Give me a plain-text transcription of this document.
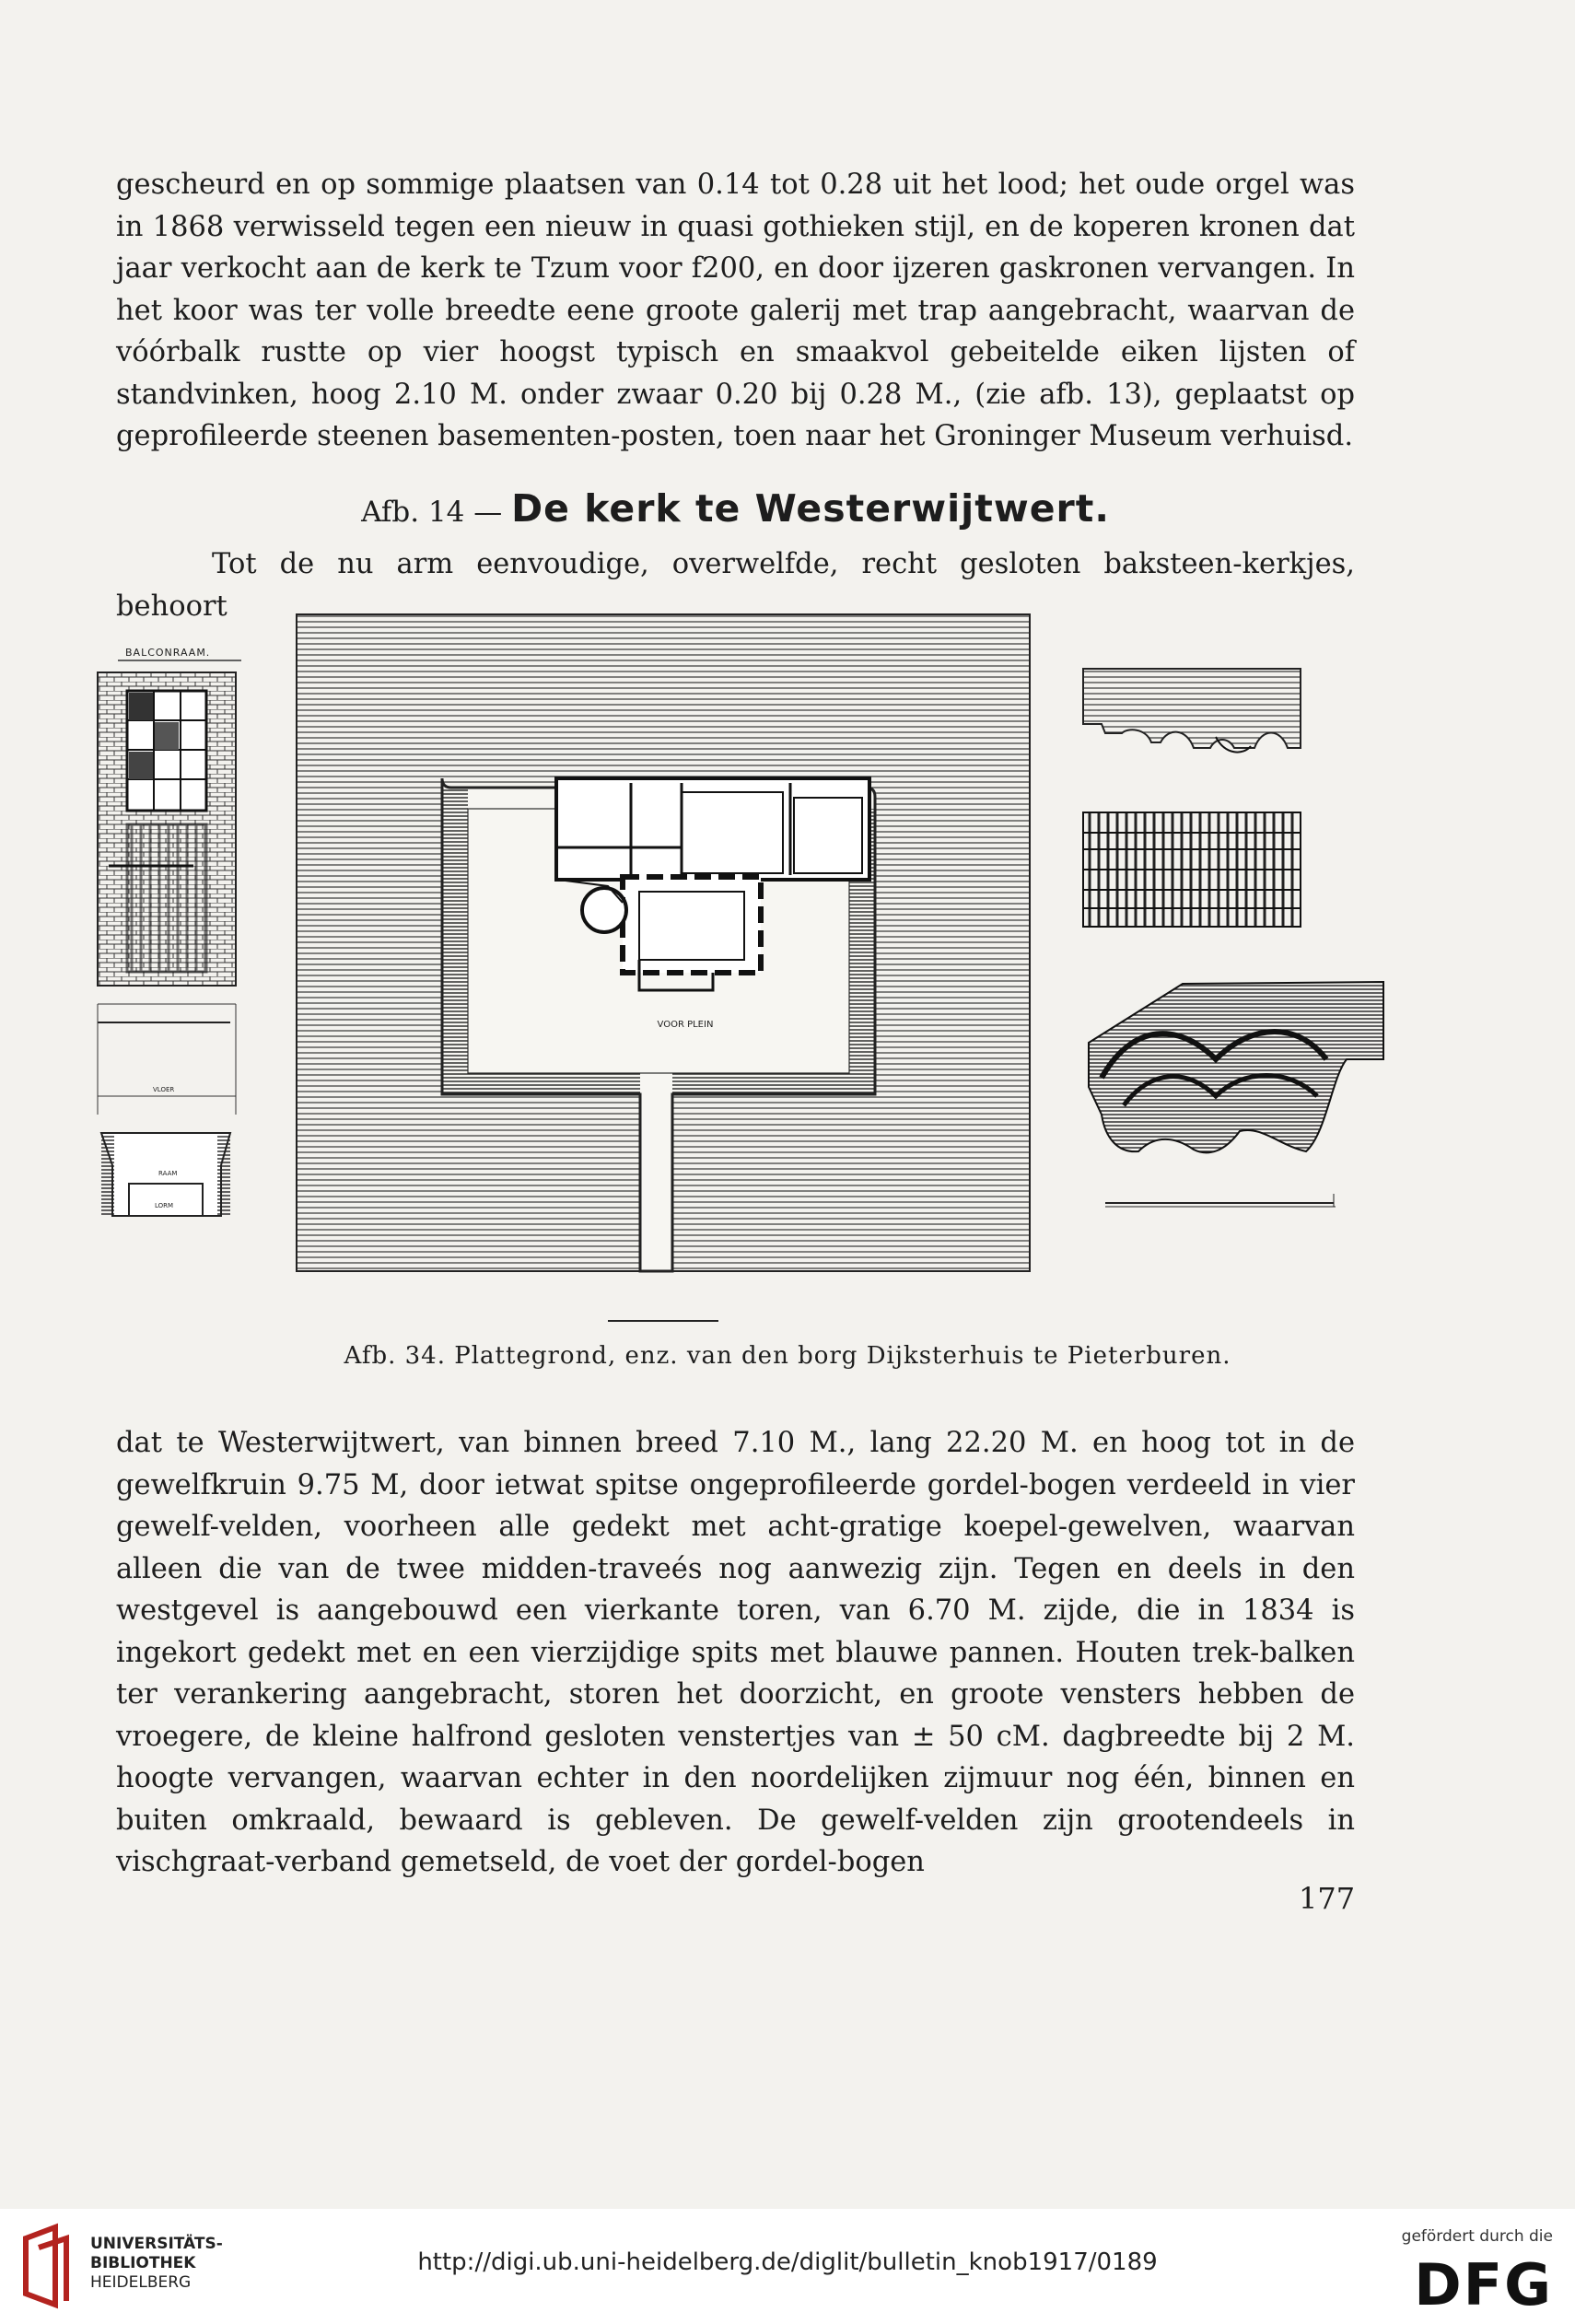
gescheurd en op sommige plaatsen van 0.14 tot 0.28 uit het lood; het oude orgel was in 1868 verwisseld tegen een nieuw in quasi gothieken stijl, en de koperen kronen dat jaar verkocht aan de kerk te Tzum voor f200, en door ijzeren gaskronen vervangen. In het koor was ter volle breedte eene groote galerij met trap aangebracht, waarvan de vóórbalk rustte op vier hoogst typisch en smaakvol gebeitelde eiken lijsten of standvinken, hoog 2.10 M. onder zwaar 0.20 bij 0.28 M., (zie afb. 13), geplaatst op geprofileerde steenen basementen-posten, toen naar het Groninger Museum verhuisd.

Afb. 14 — De kerk te Westerwijtwert.

Tot de nu arm eenvoudige, overwelfde, recht gesloten baksteen-kerkjes, behoort

VOOR PLEIN
BALCONRAAM.
VLOER
RAAM
LORM
Afb. 34. Plattegrond, enz. van den borg Dijksterhuis te Pieterburen.

dat te Westerwijtwert, van binnen breed 7.10 M., lang 22.20 M. en hoog tot in de gewelfkruin 9.75 M, door ietwat spitse ongeprofileerde gordel-bogen verdeeld in vier gewelf-velden, voorheen alle gedekt met acht-gratige koepel-gewelven, waarvan alleen die van de twee midden-traveés nog aanwezig zijn. Tegen en deels in den westgevel is aangebouwd een vierkante toren, van 6.70 M. zijde, die in 1834 is ingekort gedekt met en een vierzijdige spits met blauwe pannen. Houten trek-balken ter verankering aangebracht, storen het doorzicht, en groote vensters hebben de vroegere, de kleine halfrond gesloten venstertjes van ± 50 cM. dagbreedte bij 2 M. hoogte vervangen, waarvan echter in den noordelijken zijmuur nog één, binnen en buiten omkraald, bewaard is gebleven. De gewelf-velden zijn grootendeels in vischgraat-verband gemetseld, de voet der gordel-bogen

177
UNIVERSITÄTS-
BIBLIOTHEK
HEIDELBERG
http://digi.ub.uni-heidelberg.de/diglit/bulletin_knob1917/0189
gefördert durch die
DFG
